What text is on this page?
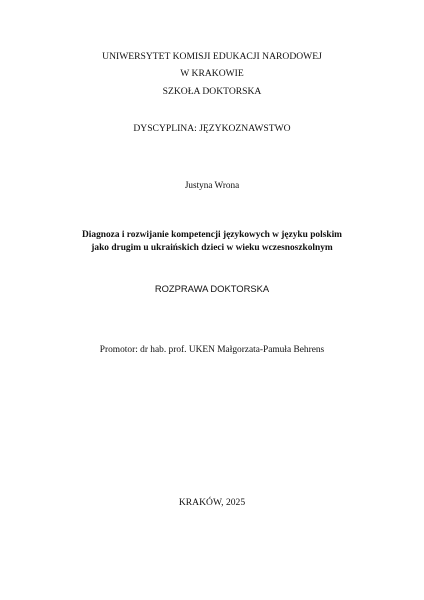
UNIWERSYTET KOMISJI EDUKACJI NARODOWEJ
W KRAKOWIE
SZKOŁA DOKTORSKA
DYSCYPLINA: JĘZYKOZNAWSTWO
Justyna Wrona
Diagnoza i rozwijanie kompetencji językowych w języku polskim
jako drugim u ukraińskich dzieci w wieku wczesnoszkolnym
ROZPRAWA DOKTORSKA
Promotor: dr hab. prof. UKEN Małgorzata-Pamuła Behrens
KRAKÓW, 2025
